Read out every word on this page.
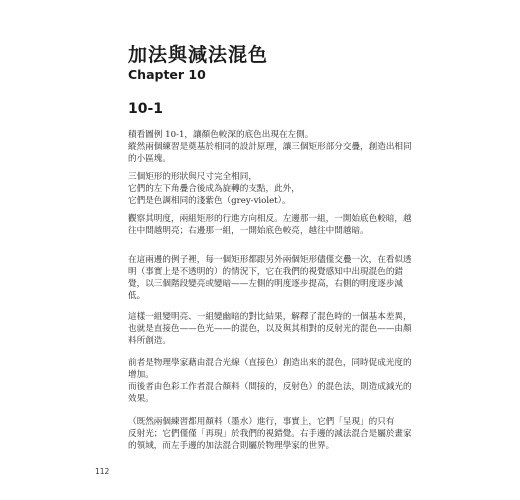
加法與減法混色
Chapter 10
10-1

積看圖例 10-1，讓顏色較深的底色出現在左側。

縱然兩個練習是奠基於相同的設計原理，讓三個矩形部分交疊，創造出相同

的小區塊。

三個矩形的形狀與尺寸完全相同，

它們的左下角疊合後成為旋轉的支點，此外，

它們是色調相同的淺紫色（grey-violet）。

觀察其明度，兩組矩形的行進方向相反。左邊那一組，一開始底色較暗，越

往中間越明亮；右邊那一組，一開始底色較亮，越往中間越暗。

在這兩邊的例子裡，每一個矩形都跟另外兩個矩形儘僅交疊一次，在看似透

明（事實上是不透明的）的情況下，它在我們的視覺感知中出現混色的錯

覺，以三個階段變亮或變暗——左側的明度逐步提高，右側的明度逐步減

低。

這樣一組變明亮、一組變幽暗的對比結果，解釋了混色時的一個基本差異，

也就是直接色——色光——的混色，以及與其相對的反射光的混色——由顏

料所創造。

前者是物理學家藉由混合光線（直接色）創造出來的混色，同時促成光度的

增加。

而後者由色彩工作者混合顏料（間接的，反射色）的混色法，則造成減光的

效果。

（既然兩個練習都用顏料（墨水）進行，事實上，它們「呈現」的只有

反射光；它們僅僅「再現」於我們的視錯覺。右手邊的減法混合是屬於畫家

的領域，而左手邊的加法混合則屬於物理學家的世界。

112
